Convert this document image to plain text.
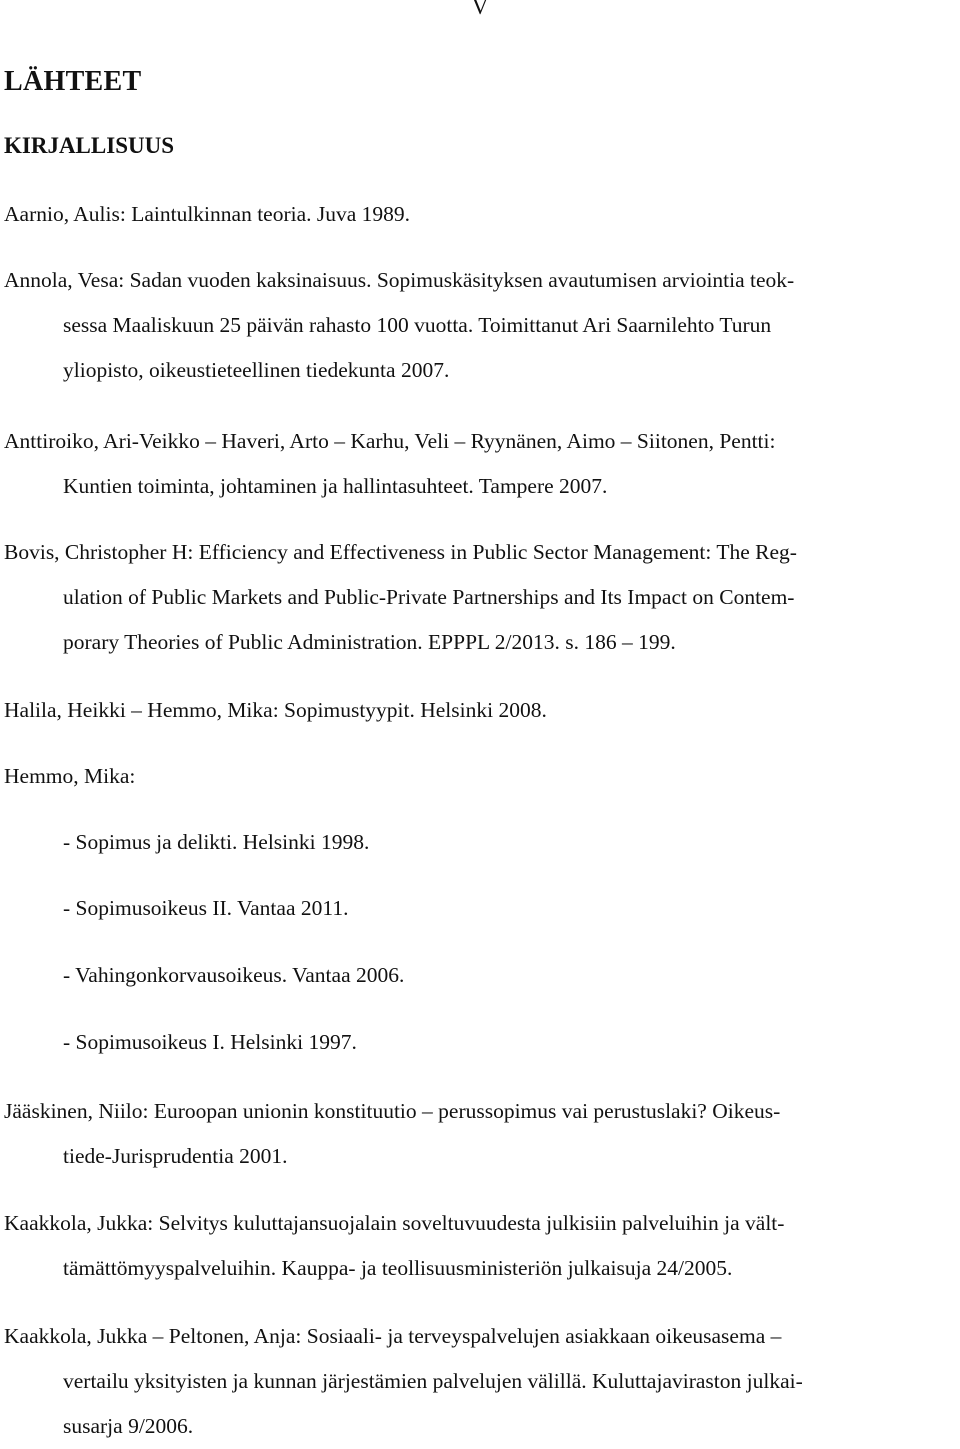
V
LÄHTEET
KIRJALLISUUS

Aarnio, Aulis: Laintulkinnan teoria. Juva 1989.

Annola, Vesa: Sadan vuoden kaksinaisuus. Sopimuskäsityksen avautumisen arviointia teok-
sessa Maaliskuun 25 päivän rahasto 100 vuotta. Toimittanut Ari Saarnilehto Turun
yliopisto, oikeustieteellinen tiedekunta 2007.

Anttiroiko, Ari-Veikko – Haveri, Arto – Karhu, Veli – Ryynänen, Aimo – Siitonen, Pentti:
Kuntien toiminta, johtaminen ja hallintasuhteet. Tampere 2007.

Bovis, Christopher H: Efficiency and Effectiveness in Public Sector Management: The Reg-
ulation of Public Markets and Public-Private Partnerships and Its Impact on Contem-
porary Theories of Public Administration. EPPPL 2/2013. s. 186 – 199.

Halila, Heikki – Hemmo, Mika: Sopimustyypit. Helsinki 2008.

Hemmo, Mika:

- Sopimus ja delikti. Helsinki 1998.

- Sopimusoikeus II. Vantaa 2011.

- Vahingonkorvausoikeus. Vantaa 2006.

- Sopimusoikeus I. Helsinki 1997.

Jääskinen, Niilo: Euroopan unionin konstituutio – perussopimus vai perustuslaki? Oikeus-
tiede-Jurisprudentia 2001.

Kaakkola, Jukka: Selvitys kuluttajansuojalain soveltuvuudesta julkisiin palveluihin ja vält-
tämättömyyspalveluihin. Kauppa- ja teollisuusministeriön julkaisuja 24/2005.

Kaakkola, Jukka – Peltonen, Anja: Sosiaali- ja terveyspalvelujen asiakkaan oikeusasema –
vertailu yksityisten ja kunnan järjestämien palvelujen välillä. Kuluttajaviraston julkai-
susarja 9/2006.
